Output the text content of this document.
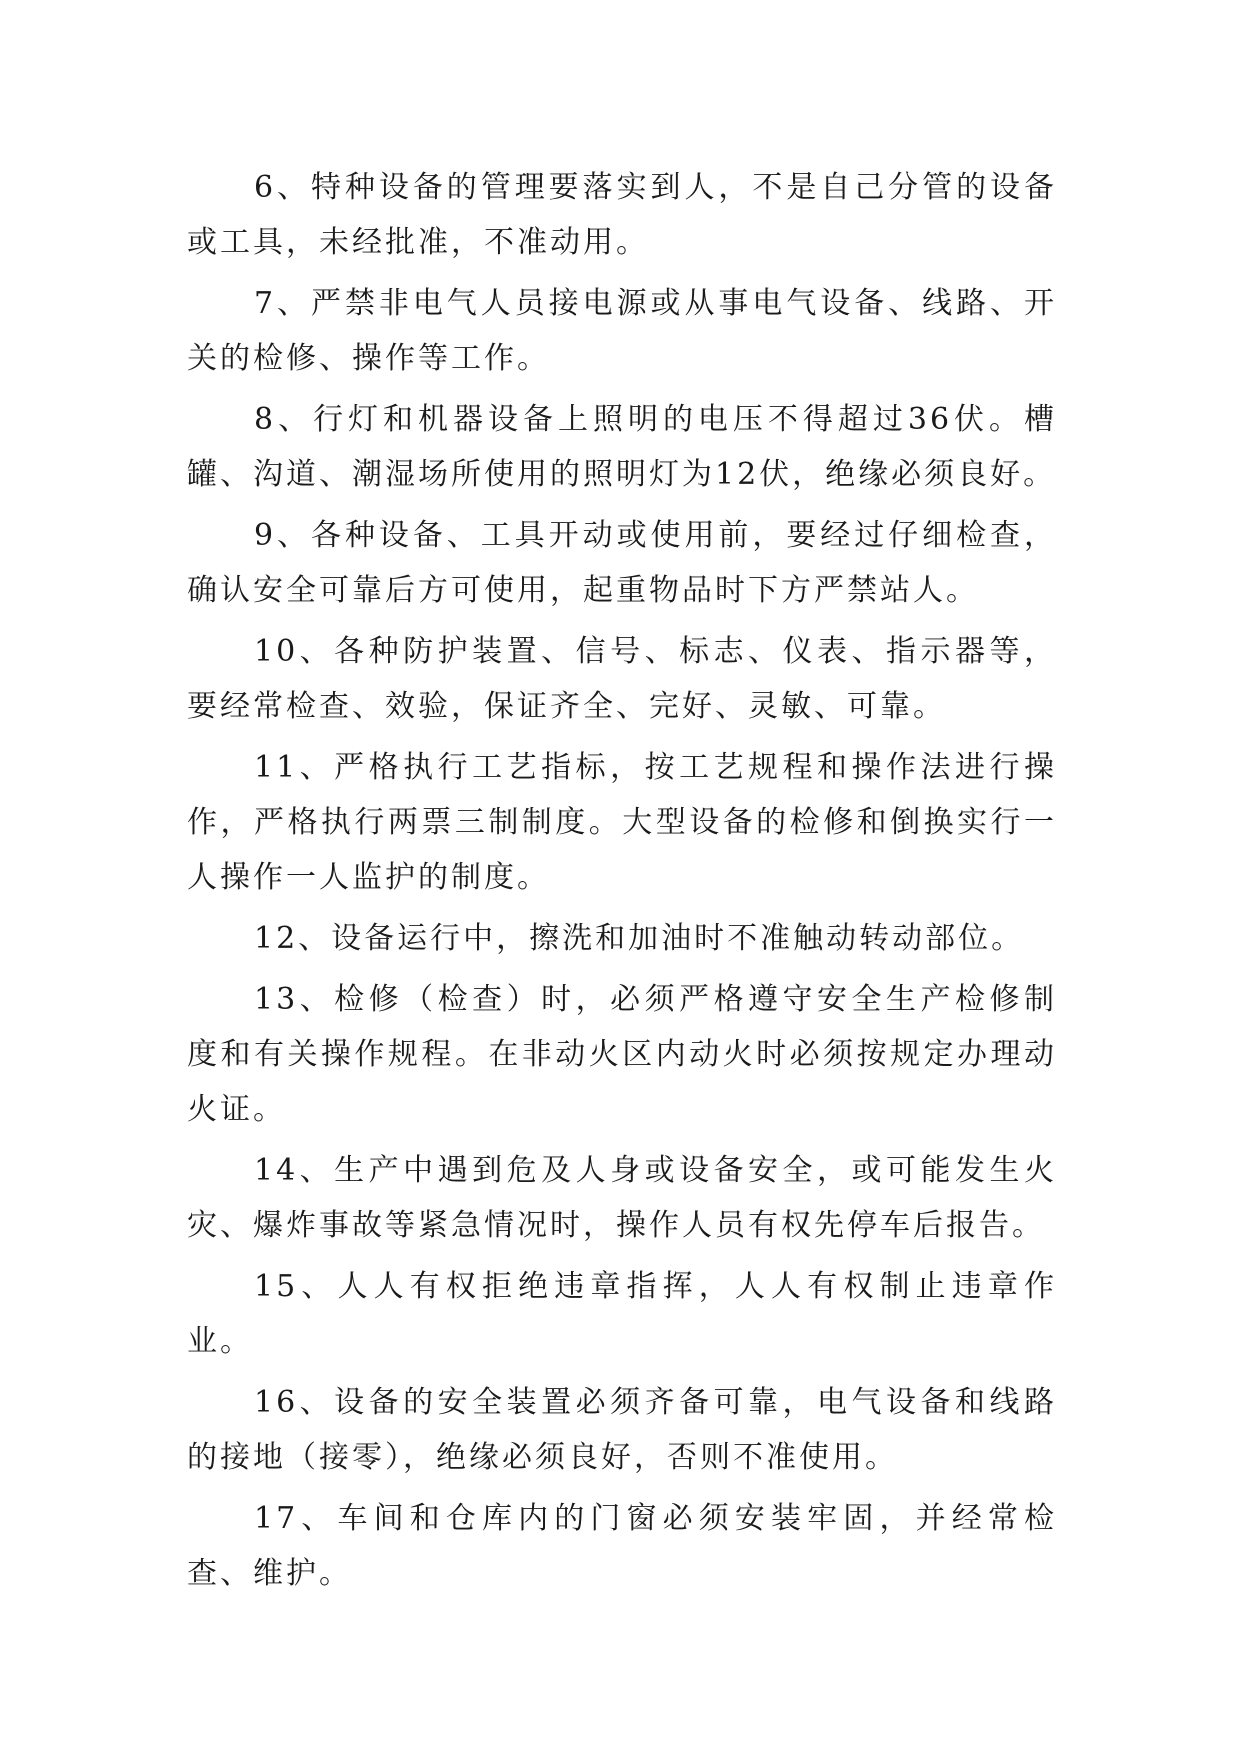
6、特种设备的管理要落实到人，不是自己分管的设备或工具，未经批准，不准动用。

7、严禁非电气人员接电源或从事电气设备、线路、开关的检修、操作等工作。

8、行灯和机器设备上照明的电压不得超过36伏。槽罐、沟道、潮湿场所使用的照明灯为12伏，绝缘必须良好。

9、各种设备、工具开动或使用前，要经过仔细检查，确认安全可靠后方可使用，起重物品时下方严禁站人。

10、各种防护装置、信号、标志、仪表、指示器等，要经常检查、效验，保证齐全、完好、灵敏、可靠。

11、严格执行工艺指标，按工艺规程和操作法进行操作，严格执行两票三制制度。大型设备的检修和倒换实行一人操作一人监护的制度。

12、设备运行中，擦洗和加油时不准触动转动部位。

13、检修（检查）时，必须严格遵守安全生产检修制度和有关操作规程。在非动火区内动火时必须按规定办理动火证。

14、生产中遇到危及人身或设备安全，或可能发生火灾、爆炸事故等紧急情况时，操作人员有权先停车后报告。

15、人人有权拒绝违章指挥，人人有权制止违章作业。

16、设备的安全装置必须齐备可靠，电气设备和线路的接地（接零），绝缘必须良好，否则不准使用。

17、车间和仓库内的门窗必须安装牢固，并经常检查、维护。
